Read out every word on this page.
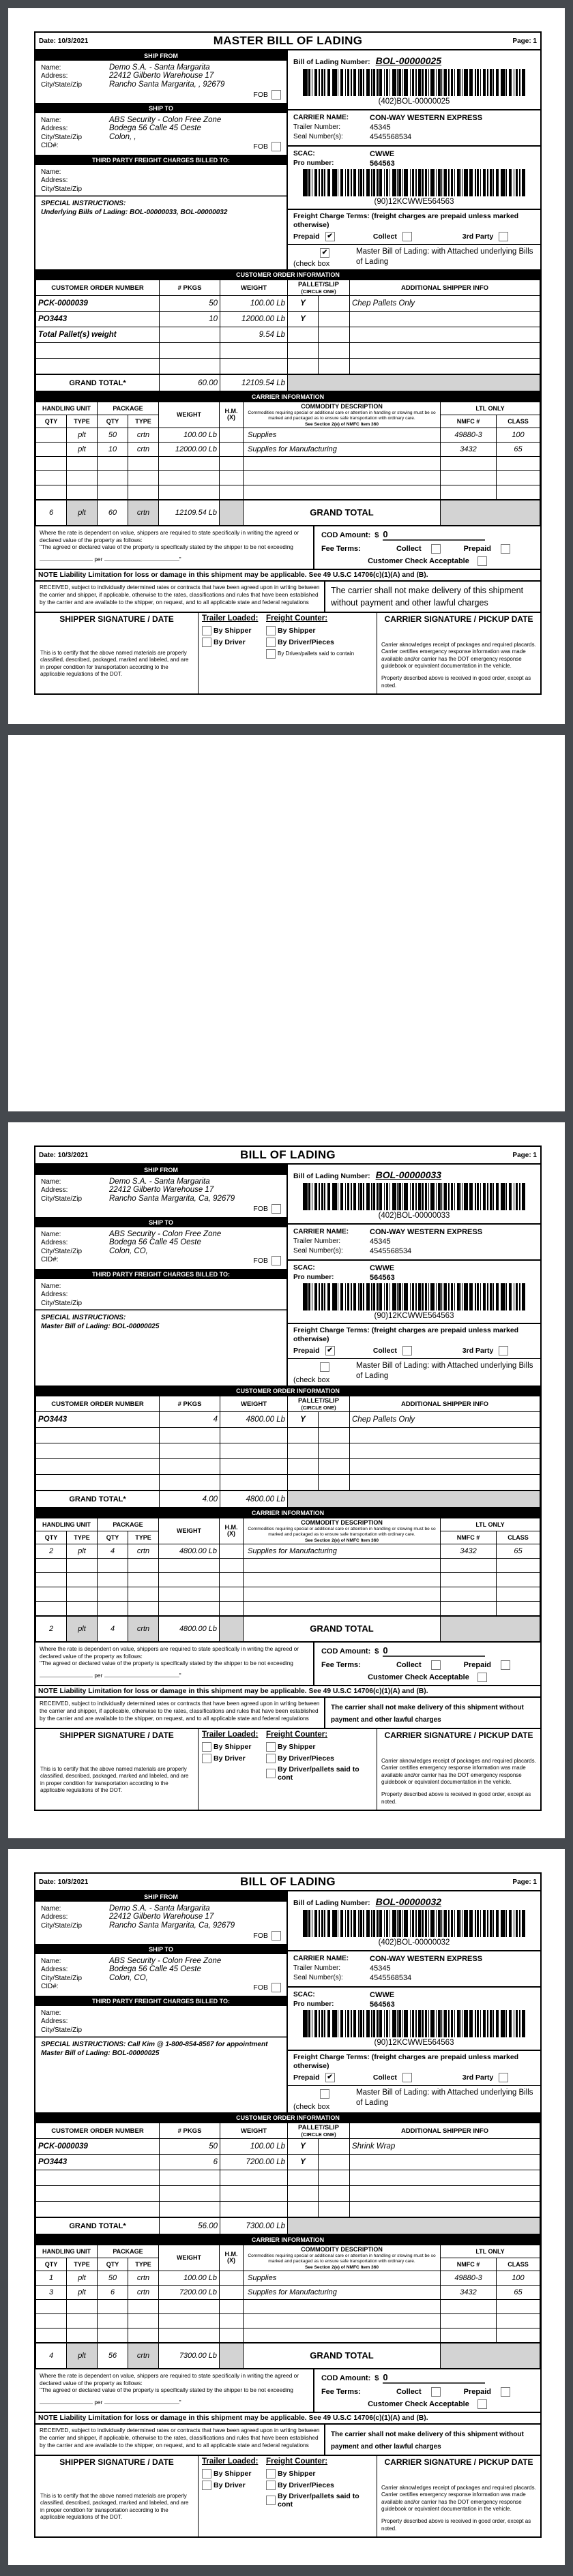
Date: 10/3/2021	MASTER BILL OF LADING	Page: 1
SHIP FROM
Name:	Demo S.A. - Santa Margarita
Address:	22412 Gilberto Warehouse 17
City/State/Zip	Rancho Santa Margarita, , 92679
FOB
SHIP TO
Name:	ABS Security - Colon Free Zone
Address:	Bodega 56 Calle 45 Oeste
City/State/Zip	Colon, ,
CID#:	FOB
THIRD PARTY FREIGHT CHARGES BILLED TO:
Name:
Address:
City/State/Zip
SPECIAL INSTRUCTIONS:
Underlying Bills of Lading: BOL-00000033, BOL-00000032
Bill of Lading Number: BOL-00000025
(402)BOL-00000025
CARRIER NAME:	CON-WAY WESTERN EXPRESS
Trailer Number:	45345
Seal Number(s):	4545568534
SCAC:	CWWE
Pro number:	564563
(90)12KCWWE564563
Freight Charge Terms: (freight charges are prepaid unless marked otherwise)
Prepaid ✔	Collect	3rd Party
✔
(check box
Master Bill of Lading: with Attached underlying Bills of Lading
CUSTOMER ORDER INFORMATION
CUSTOMER ORDER NUMBER	# PKGS	WEIGHT	PALLET/SLIP
(CIRCLE ONE)		ADDITIONAL SHIPPER INFO
PCK-0000039	50	100.00 Lb	Y		Chep Pallets Only
PO3443	10	12000.00 Lb	Y		
Total Pallet(s) weight		9.54 Lb			

GRAND TOTAL*	60.00	12109.54 Lb			
CARRIER INFORMATION
HANDLING UNIT		PACKAGE		WEIGHT	H.M.
(X)	COMMODITY DESCRIPTION
Commodities requiring special or additional care or attention in handling or stowing must be so marked and packaged as to ensure safe transportation with ordinary care.
See Section 2(e) of NMFC Item 360	LTL ONLY	
QTY	TYPE	QTY	TYPE				NMFC #	CLASS
	plt	50	crtn	100.00 Lb		Supplies	49880-3	100
	plt	10	crtn	12000.00 Lb		Supplies for Manufacturing	3432	65

6	plt	60	crtn	12109.54 Lb		GRAND TOTAL		
Where the rate is dependent on value, shippers are required to state specifically in writing the agreed or declared value of the property as follows:
"The agreed or declared value of the property is specifically stated by the shipper to be not exceeding
per	"
COD Amount: $ 0
Fee Terms:	Collect	Prepaid
Customer Check Acceptable
NOTE Liability Limitation for loss or damage in this shipment may be applicable. See 49 U.S.C 14706(c)(1)(A) and (B).
RECEIVED, subject to individually determined rates or contracts that have been agreed upon in writing between the carrier and shipper, if applicable, otherwise to the rates, classifications and rules that have been established by the carrier and are available to the shipper, on request, and to all applicable state and federal regulations
The carrier shall not make delivery of this shipment without payment and other lawful charges
SHIPPER SIGNATURE / DATE
This is to certify that the above named materials are properly classified, described, packaged, marked and labeled, and are in proper condition for transportation according to the applicable regulations of the DOT.
Trailer Loaded:
By Shipper
By Driver
Freight Counter:
By Shipper
By Driver/Pieces
By Driver/pallets said to contain
CARRIER SIGNATURE / PICKUP DATE
Carrier aknowledges receipt of packages and required placards. Carrier certifies emergency response information was made available and/or carrier has the DOT emergency response guidebook or equivalent documentation in the vehicle.
Property described above is received in good order, except as noted.
Date: 10/3/2021	BILL OF LADING	Page: 1
SHIP FROM
Name:	Demo S.A. - Santa Margarita
Address:	22412 Gilberto Warehouse 17
City/State/Zip	Rancho Santa Margarita, Ca, 92679
FOB
SHIP TO
Name:	ABS Security - Colon Free Zone
Address:	Bodega 56 Calle 45 Oeste
City/State/Zip	Colon, CO,
CID#:	FOB
THIRD PARTY FREIGHT CHARGES BILLED TO:
Name:
Address:
City/State/Zip
SPECIAL INSTRUCTIONS:
Master Bill of Lading: BOL-00000025
Bill of Lading Number: BOL-00000033
(402)BOL-00000033
CARRIER NAME:	CON-WAY WESTERN EXPRESS
Trailer Number:	45345
Seal Number(s):	4545568534
SCAC:	CWWE
Pro number:	564563
(90)12KCWWE564563
Freight Charge Terms: (freight charges are prepaid unless marked otherwise)
Prepaid ✔	Collect	3rd Party
(check box
Master Bill of Lading: with Attached underlying Bills of Lading
CUSTOMER ORDER INFORMATION
CUSTOMER ORDER NUMBER	# PKGS	WEIGHT	PALLET/SLIP
(CIRCLE ONE)		ADDITIONAL SHIPPER INFO
PO3443	4	4800.00 Lb	Y		Chep Pallets Only

GRAND TOTAL*	4.00	4800.00 Lb			
CARRIER INFORMATION
HANDLING UNIT		PACKAGE		WEIGHT	H.M.
(X)	COMMODITY DESCRIPTION
Commodities requiring special or additional care or attention in handling or stowing must be so marked and packaged as to ensure safe transportation with ordinary care.
See Section 2(e) of NMFC Item 360	LTL ONLY	
QTY	TYPE	QTY	TYPE				NMFC #	CLASS
2	plt	4	crtn	4800.00 Lb		Supplies for Manufacturing	3432	65

2	plt	4	crtn	4800.00 Lb		GRAND TOTAL		
Where the rate is dependent on value, shippers are required to state specifically in writing the agreed or declared value of the property as follows:
"The agreed or declared value of the property is specifically stated by the shipper to be not exceeding
per	"
COD Amount: $ 0
Fee Terms:	Collect	Prepaid
Customer Check Acceptable
NOTE Liability Limitation for loss or damage in this shipment may be applicable. See 49 U.S.C 14706(c)(1)(A) and (B).
RECEIVED, subject to individually determined rates or contracts that have been agreed upon in writing between the carrier and shipper, if applicable, otherwise to the rates, classifications and rules that have been established by the carrier and are available to the shipper, on request, and to all applicable state and federal regulations
The carrier shall not make delivery of this shipment without payment and other lawful charges
SHIPPER SIGNATURE / DATE
This is to certify that the above named materials are properly classified, described, packaged, marked and labeled, and are in proper condition for transportation according to the applicable regulations of the DOT.
Trailer Loaded:
By Shipper
By Driver
Freight Counter:
By Shipper
By Driver/Pieces
By Driver/pallets said to cont
CARRIER SIGNATURE / PICKUP DATE
Carrier aknowledges receipt of packages and required placards. Carrier certifies emergency response information was made available and/or carrier has the DOT emergency response guidebook or equivalent documentation in the vehicle.
Property described above is received in good order, except as noted.
Date: 10/3/2021	BILL OF LADING	Page: 1
SHIP FROM
Name:	Demo S.A. - Santa Margarita
Address:	22412 Gilberto Warehouse 17
City/State/Zip	Rancho Santa Margarita, Ca, 92679
FOB
SHIP TO
Name:	ABS Security - Colon Free Zone
Address:	Bodega 56 Calle 45 Oeste
City/State/Zip	Colon, CO,
CID#:	FOB
THIRD PARTY FREIGHT CHARGES BILLED TO:
Name:
Address:
City/State/Zip
SPECIAL INSTRUCTIONS: Call Kim @ 1-800-854-8567 for appointment
Master Bill of Lading: BOL-00000025
Bill of Lading Number: BOL-00000032
(402)BOL-00000032
CARRIER NAME:	CON-WAY WESTERN EXPRESS
Trailer Number:	45345
Seal Number(s):	4545568534
SCAC:	CWWE
Pro number:	564563
(90)12KCWWE564563
Freight Charge Terms: (freight charges are prepaid unless marked otherwise)
Prepaid ✔	Collect	3rd Party
(check box
Master Bill of Lading: with Attached underlying Bills of Lading
CUSTOMER ORDER INFORMATION
CUSTOMER ORDER NUMBER	# PKGS	WEIGHT	PALLET/SLIP
(CIRCLE ONE)		ADDITIONAL SHIPPER INFO
PCK-0000039	50	100.00 Lb	Y		Shrink Wrap
PO3443	6	7200.00 Lb	Y		

GRAND TOTAL*	56.00	7300.00 Lb			
CARRIER INFORMATION
HANDLING UNIT		PACKAGE		WEIGHT	H.M.
(X)	COMMODITY DESCRIPTION
Commodities requiring special or additional care or attention in handling or stowing must be so marked and packaged as to ensure safe transportation with ordinary care.
See Section 2(e) of NMFC Item 360	LTL ONLY	
QTY	TYPE	QTY	TYPE				NMFC #	CLASS
1	plt	50	crtn	100.00 Lb		Supplies	49880-3	100
3	plt	6	crtn	7200.00 Lb		Supplies for Manufacturing	3432	65

4	plt	56	crtn	7300.00 Lb		GRAND TOTAL		
Where the rate is dependent on value, shippers are required to state specifically in writing the agreed or declared value of the property as follows:
"The agreed or declared value of the property is specifically stated by the shipper to be not exceeding
per	"
COD Amount: $ 0
Fee Terms:	Collect	Prepaid
Customer Check Acceptable
NOTE Liability Limitation for loss or damage in this shipment may be applicable. See 49 U.S.C 14706(c)(1)(A) and (B).
RECEIVED, subject to individually determined rates or contracts that have been agreed upon in writing between the carrier and shipper, if applicable, otherwise to the rates, classifications and rules that have been established by the carrier and are available to the shipper, on request, and to all applicable state and federal regulations
The carrier shall not make delivery of this shipment without payment and other lawful charges
SHIPPER SIGNATURE / DATE
This is to certify that the above named materials are properly classified, described, packaged, marked and labeled, and are in proper condition for transportation according to the applicable regulations of the DOT.
Trailer Loaded:
By Shipper
By Driver
Freight Counter:
By Shipper
By Driver/Pieces
By Driver/pallets said to cont
CARRIER SIGNATURE / PICKUP DATE
Carrier aknowledges receipt of packages and required placards. Carrier certifies emergency response information was made available and/or carrier has the DOT emergency response guidebook or equivalent documentation in the vehicle.
Property described above is received in good order, except as noted.
